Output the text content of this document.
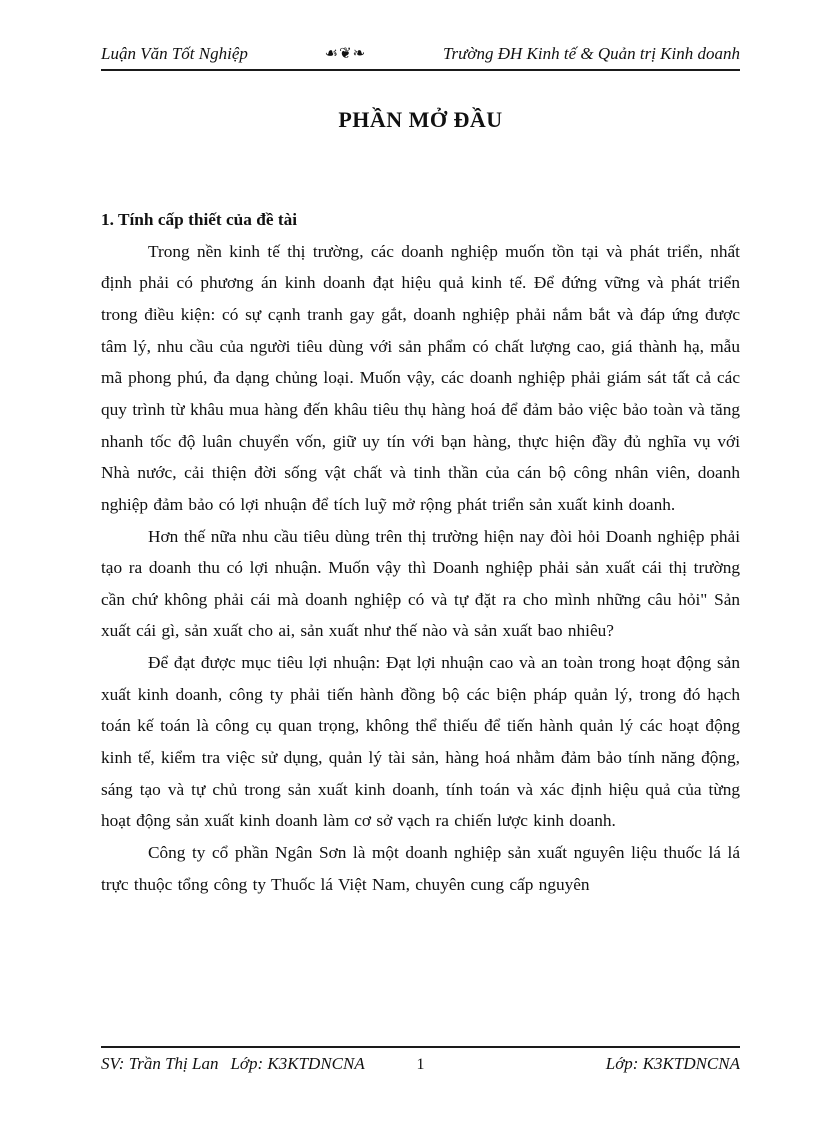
Luận Văn Tốt Nghiệp	☙❦❧	Trường ĐH Kinh tế & Quản trị Kinh doanh
PHẦN MỞ ĐẦU
1. Tính cấp thiết của đề tài

Trong nền kinh tế thị trường, các doanh nghiệp muốn tồn tại và phát triển, nhất định phải có phương án kinh doanh đạt hiệu quả kinh tế. Để đứng vững và phát triển trong điều kiện: có sự cạnh tranh gay gắt, doanh nghiệp phải nắm bắt và đáp ứng được tâm lý, nhu cầu của người tiêu dùng với sản phẩm có chất lượng cao, giá thành hạ, mẫu mã phong phú, đa dạng chủng loại. Muốn vậy, các doanh nghiệp phải giám sát tất cả các quy trình từ khâu mua hàng đến khâu tiêu thụ hàng hoá để đảm bảo việc bảo toàn và tăng nhanh tốc độ luân chuyển vốn, giữ uy tín với bạn hàng, thực hiện đầy đủ nghĩa vụ với Nhà nước, cải thiện đời sống vật chất và tinh thần của cán bộ công nhân viên, doanh nghiệp đảm bảo có lợi nhuận để tích luỹ mở rộng phát triển sản xuất kinh doanh.

Hơn thế nữa nhu cầu tiêu dùng trên thị trường hiện nay đòi hỏi Doanh nghiệp phải tạo ra doanh thu có lợi nhuận. Muốn vậy thì Doanh nghiệp phải sản xuất cái thị trường cần chứ không phải cái mà doanh nghiệp có và tự đặt ra cho mình những câu hỏi" Sản xuất cái gì, sản xuất cho ai, sản xuất như thế nào và sản xuất bao nhiêu?

Để đạt được mục tiêu lợi nhuận: Đạt lợi nhuận cao và an toàn trong hoạt động sản xuất kinh doanh, công ty phải tiến hành đồng bộ các biện pháp quản lý, trong đó hạch toán kế toán là công cụ quan trọng, không thể thiếu để tiến hành quản lý các hoạt động kinh tế, kiểm tra việc sử dụng, quản lý tài sản, hàng hoá nhằm đảm bảo tính năng động, sáng tạo và tự chủ trong sản xuất kinh doanh, tính toán và xác định hiệu quả của từng hoạt động sản xuất kinh doanh làm cơ sở vạch ra chiến lược kinh doanh.

Công ty cổ phần Ngân Sơn là một doanh nghiệp sản xuất nguyên liệu thuốc lá lá trực thuộc tổng công ty Thuốc lá Việt Nam, chuyên cung cấp nguyên

SV: Trần Thị Lan Lớp: K3KTDNCNA	1	Lớp: K3KTDNCNA
